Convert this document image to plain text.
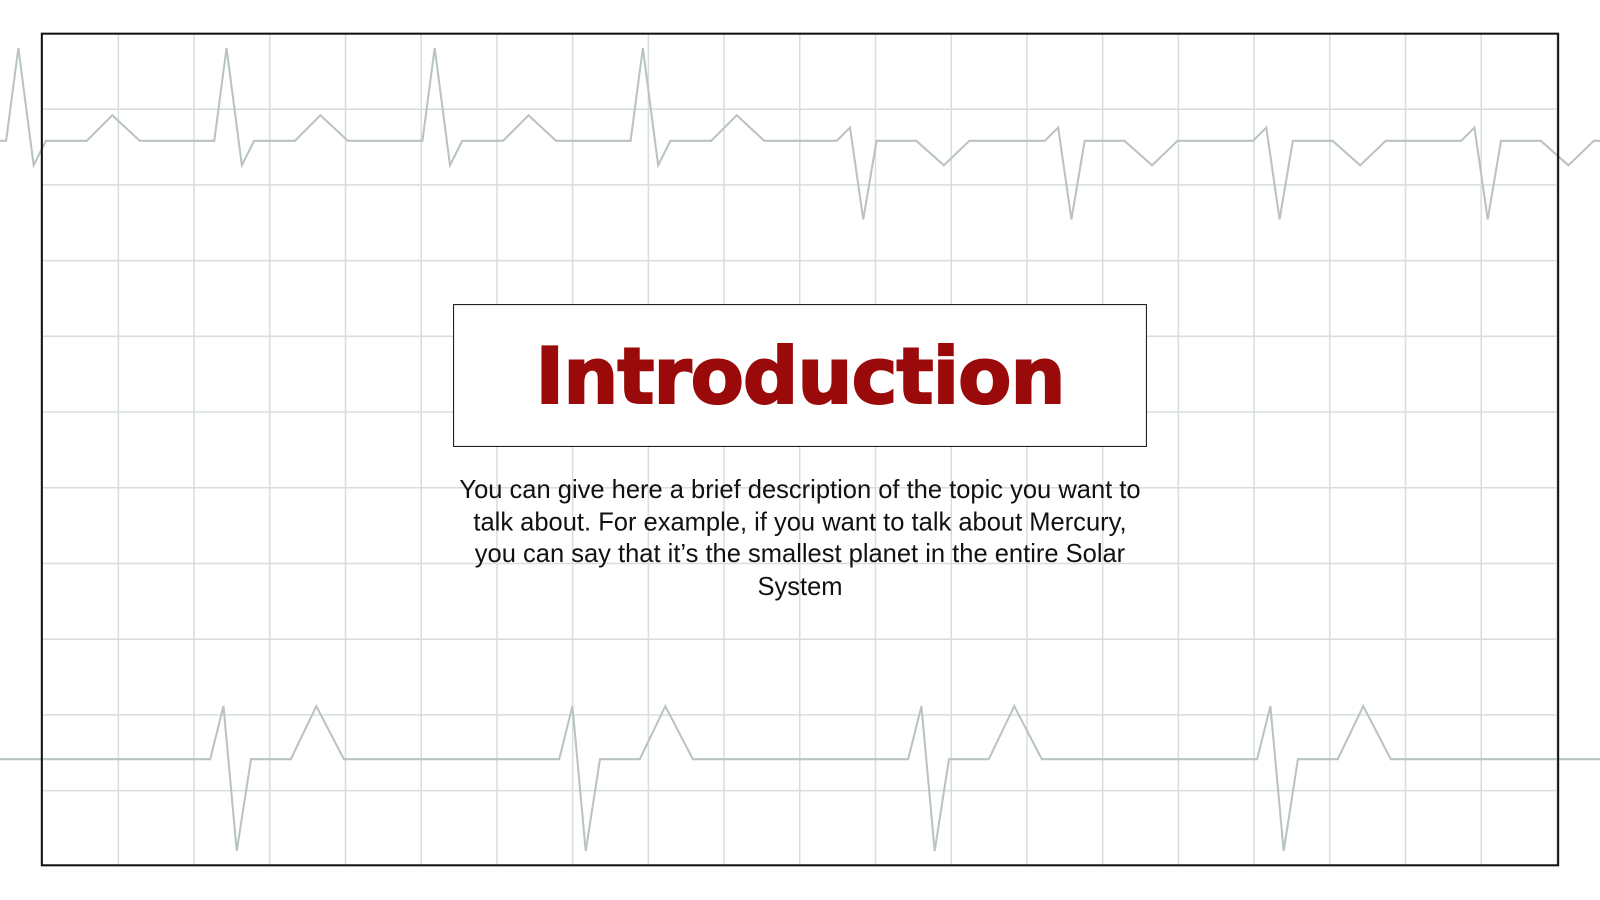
Introduction
You can give here a brief description of the topic you want to talk about. For example, if you want to talk about Mercury, you can say that it’s the smallest planet in the entire Solar System
